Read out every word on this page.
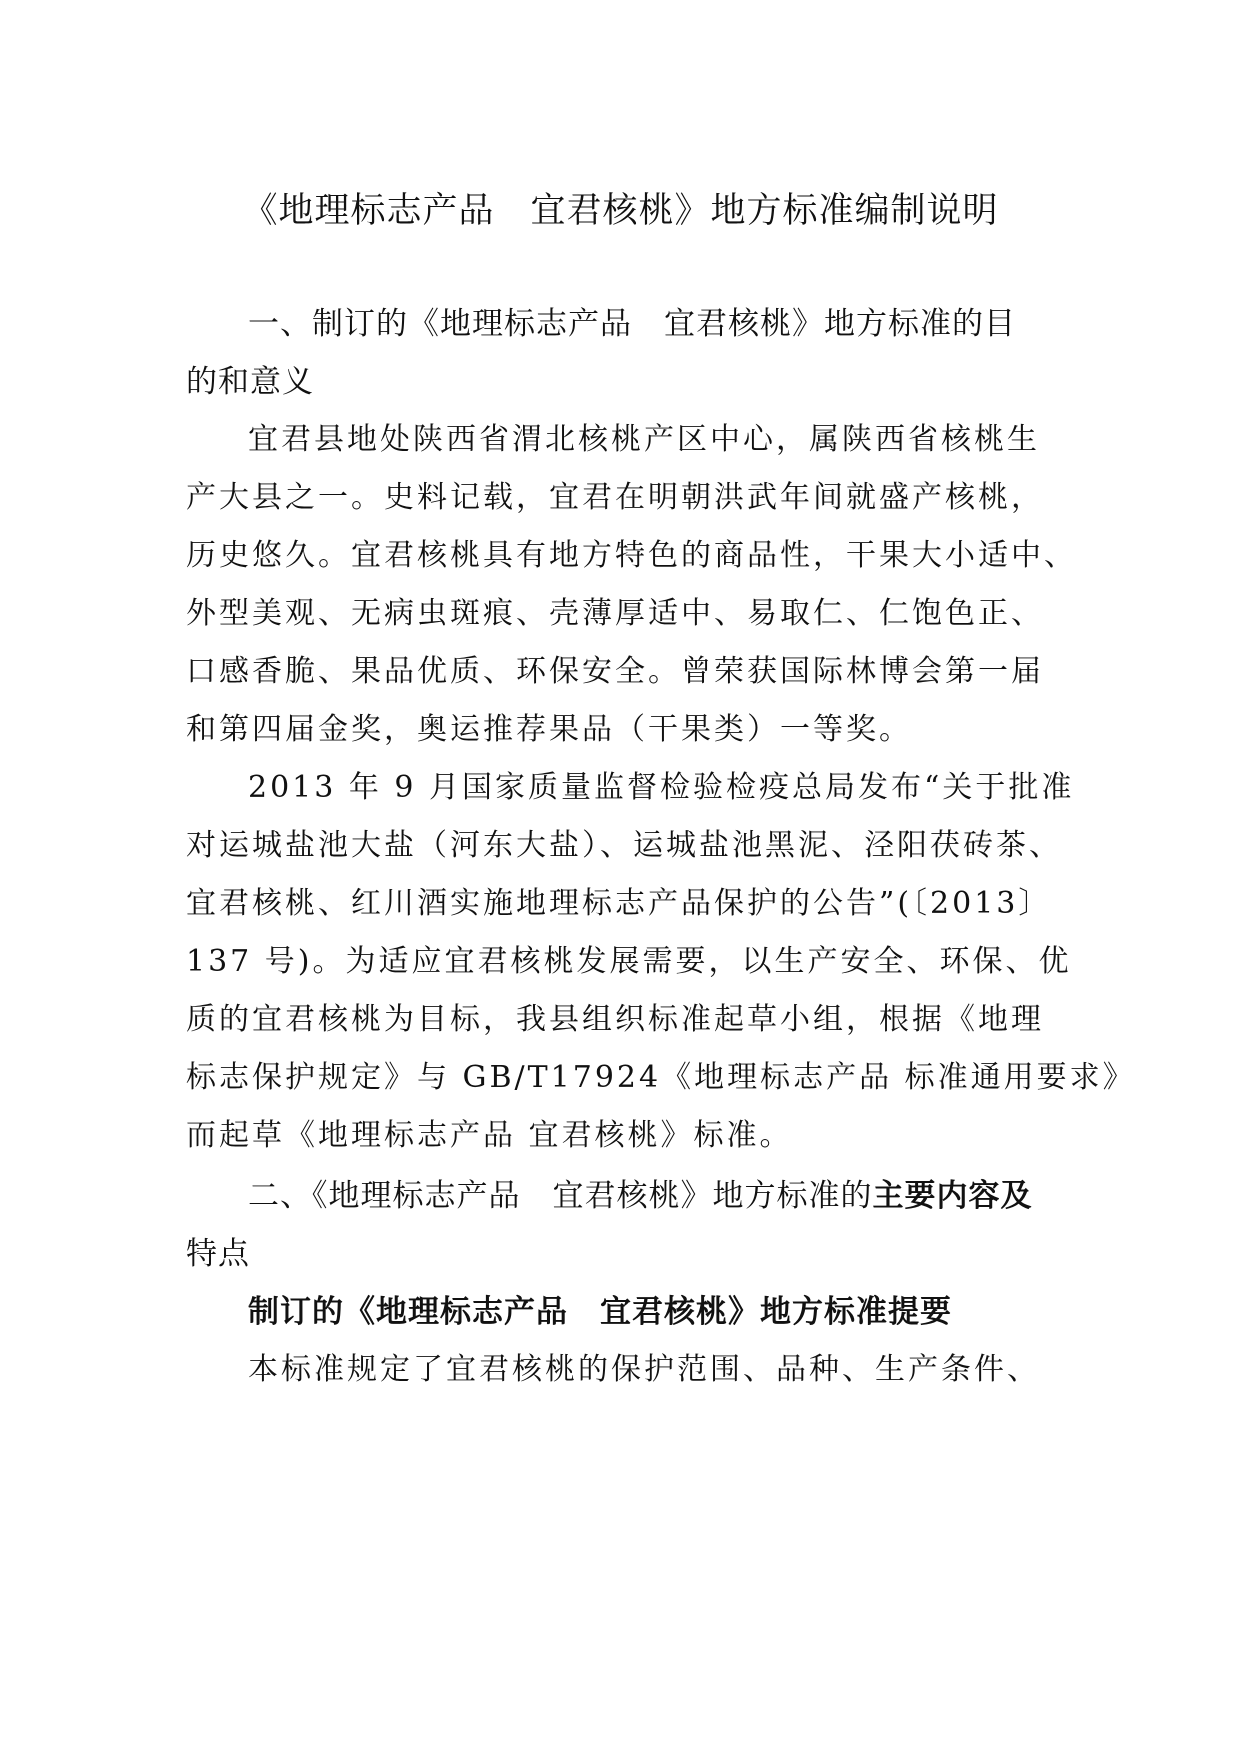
《地理标志产品　宜君核桃》地方标准编制说明
一、制订的《地理标志产品　宜君核桃》地方标准的目
的和意义
宜君县地处陕西省渭北核桃产区中心，属陕西省核桃生
产大县之一。史料记载，宜君在明朝洪武年间就盛产核桃，
历史悠久。宜君核桃具有地方特色的商品性，干果大小适中、
外型美观、无病虫斑痕、壳薄厚适中、易取仁、仁饱色正、
口感香脆、果品优质、环保安全。曾荣获国际林博会第一届
和第四届金奖，奥运推荐果品（干果类）一等奖。
2013 年 9 月国家质量监督检验检疫总局发布“关于批准
对运城盐池大盐（河东大盐）、运城盐池黑泥、泾阳茯砖茶、
宜君核桃、红川酒实施地理标志产品保护的公告”(〔2013〕
137 号)。为适应宜君核桃发展需要，以生产安全、环保、优
质的宜君核桃为目标，我县组织标准起草小组，根据《地理
标志保护规定》与 GB/T17924《地理标志产品 标准通用要求》
而起草《地理标志产品 宜君核桃》标准。
二、《地理标志产品　宜君核桃》地方标准的主要内容及
特点
制订的《地理标志产品　宜君核桃》地方标准提要
本标准规定了宜君核桃的保护范围、品种、生产条件、
